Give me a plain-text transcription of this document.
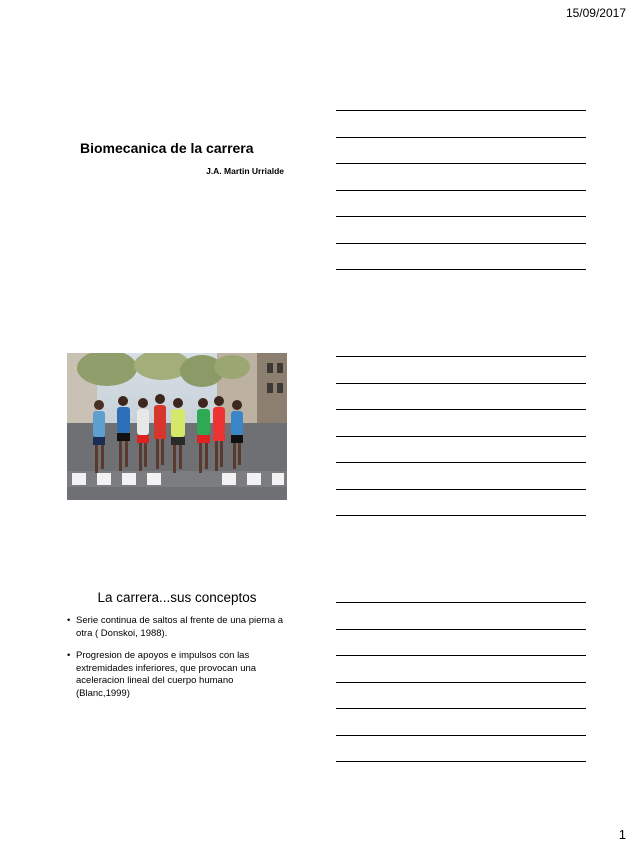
15/09/2017
Biomecanica de la carrera
J.A. Martin Urrialde
La carrera...sus conceptos
• Serie continua de saltos al frente de una pierna a otra ( Donskoi, 1988).
• Progresion de apoyos e impulsos con las extremidades inferiores, que provocan una aceleracion lineal del cuerpo humano (Blanc,1999)
1
